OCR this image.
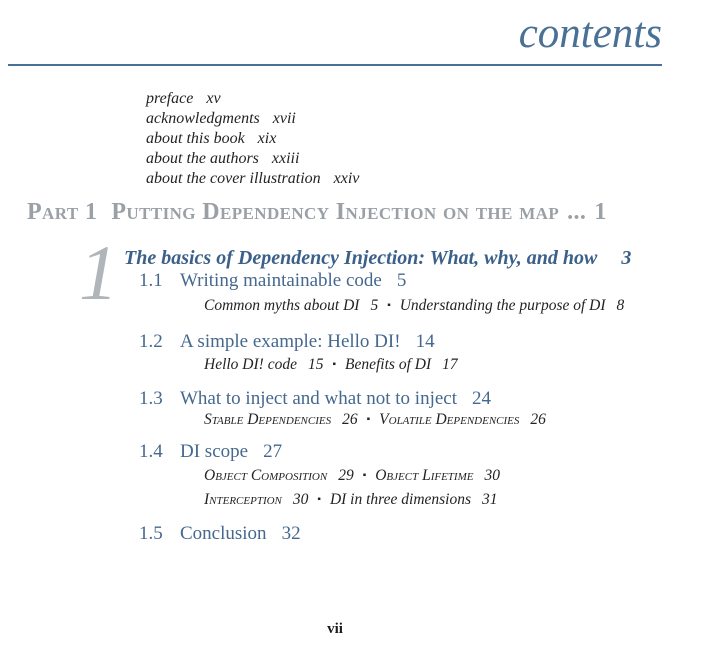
contents
preface xv
acknowledgments xvii
about this book xix
about the authors xxiii
about the cover illustration xxiv
Part 1 Putting Dependency Injection on the map ... 1
1 The basics of Dependency Injection: What, why, and how 3
1.1 Writing maintainable code 5
Common myths about DI 5 ▪ Understanding the purpose of DI 8
1.2 A simple example: Hello DI! 14
Hello DI! code 15 ▪ Benefits of DI 17
1.3 What to inject and what not to inject 24
Stable Dependencies 26 ▪ Volatile Dependencies 26
1.4 DI scope 27
Object Composition 29 ▪ Object Lifetime 30
Interception 30 ▪ DI in three dimensions 31
1.5 Conclusion 32
vii
